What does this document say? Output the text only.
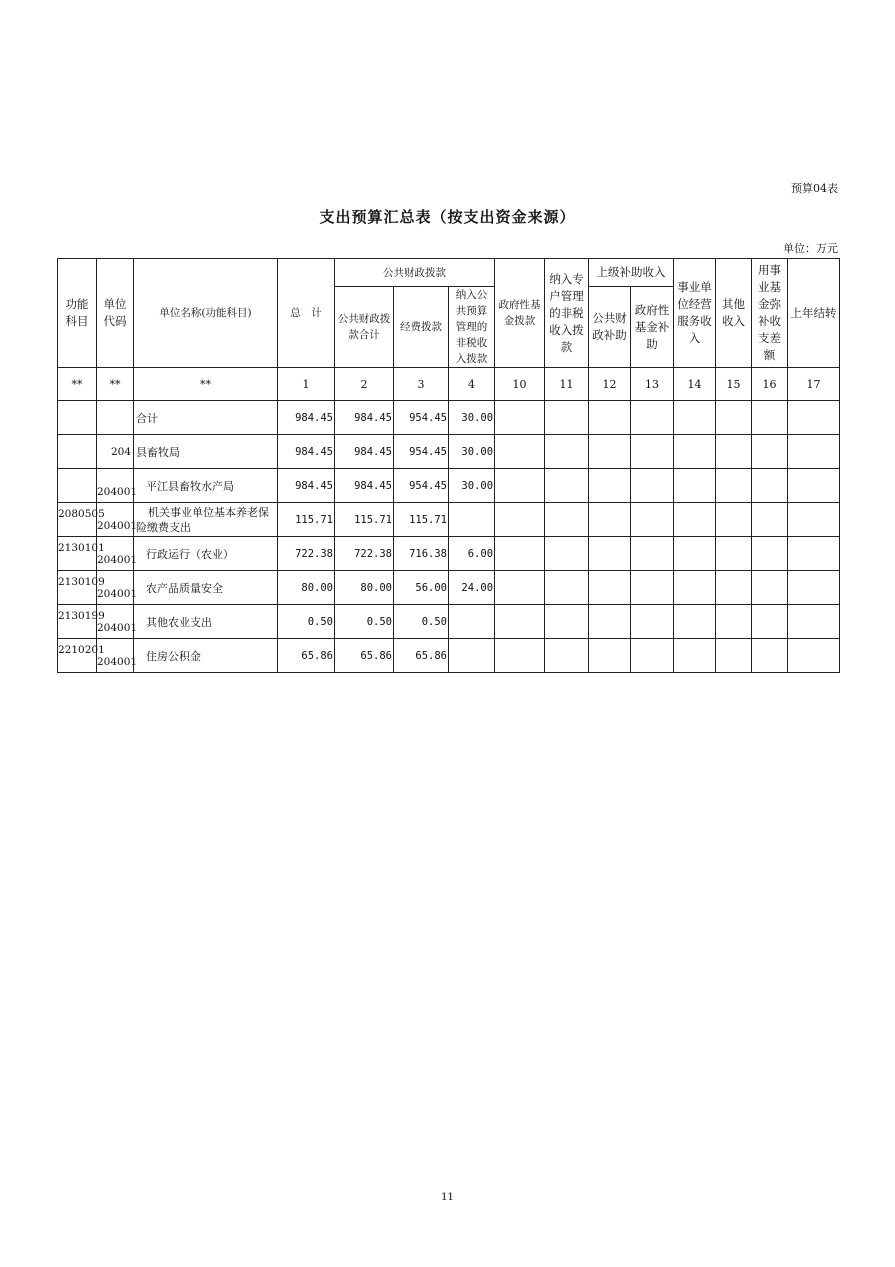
预算04表
支出预算汇总表（按支出资金来源）
单位：万元
功能科目	单位代码	单位名称(功能科目)	总　计	公共财政拨款			政府性基金拨款	纳入专户管理的非税收入拨款	上级补助收入		事业单位经营服务收入	其他收入	用事业基金弥补收支差额	上年结转
				公共财政拨款合计	经费拨款	纳入公共预算管理的非税收入拨款			公共财政补助	政府性基金补助				
**	**	**	1	2	3	4	10	11	12	13	14	15	16	17
		合计	984.45	984.45	954.45	30.00								
	204	县畜牧局	984.45	984.45	954.45	30.00								

	204001	平江县畜牧水产局	984.45	984.45	954.45	30.00								

2080505	204001	机关事业单位基本养老保险缴费支出	115.71	115.71	115.71									

2130101	204001	行政运行（农业）	722.38	722.38	716.38	6.00								

2130109	204001	农产品质量安全	80.00	80.00	56.00	24.00								

2130199	204001	其他农业支出	0.50	0.50	0.50									

2210201	204001	住房公积金	65.86	65.86	65.86									
11
